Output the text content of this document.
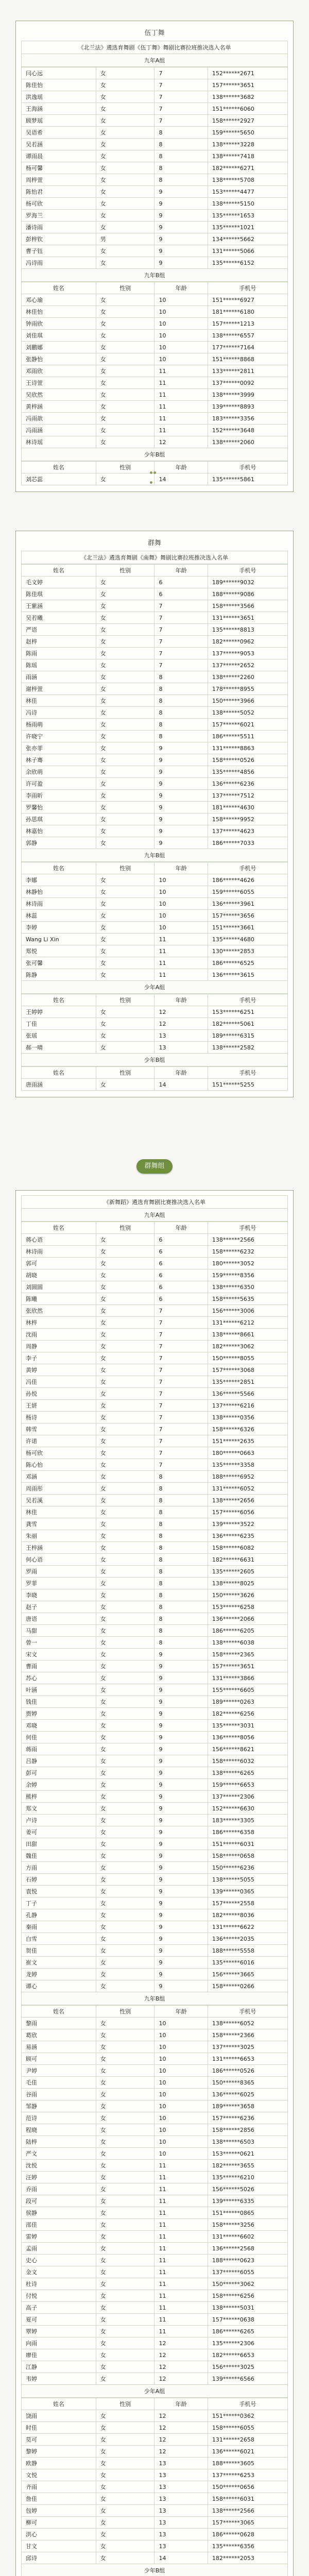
伍丁舞
《北兰法》遴选育舞剧《伍丁舞》舞剧比赛拉班推决选入名单
九年A组
闫心远	女	7	152******2671
陈佳怡	女	7	157******3651
洪逸瑶	女	7	138******3682
王海涵	女	7	151******6060
顾梦瑶	女	7	158******2927
吴语希	女	8	159******5650
吴若涵	女	8	138******3228
谭雨晨	女	8	138******7418
杨可馨	女	8	182******6271
周梓萱	女	8	138******5708
陈怡君	女	9	153******4477
杨可欣	女	9	138******5150
罗海兰	女	9	135******1653
潘诗雨	女	9	135******1021
彭梓钦	男	9	134******5662
曹子钰	女	9	131******5066
冯诗雨	女	9	135******6152
九年B组
姓名	性别	年龄	手机号
邓心瑜	女	10	151******6927
林佳怡	女	10	181******6180
钟雨欣	女	10	157******1213
刘佳琪	女	10	138******6557
刘鹏娜	女	10	177******7164
张静怡	女	10	151******8868
邓雨欣	女	11	133******2811
王诗萱	女	11	137******0092
吴欣然	女	11	138******3999
黄梓涵	女	11	139******8893
冯雨歆	女	11	183******3356
冯雨涵	女	11	152******3648
林诗瑶	女	12	138******2060
少年B组
姓名	性别	年龄	手机号
刘芯蕊	女	14	135******5861
群舞
《北兰法》遴选育舞剧《南舞》舞剧比赛拉班推决选入名单
姓名	性别	年龄	手机号
毛文婷	女	6	189******9032
陈佳琪	女	6	188******9086
王紫涵	女	7	158******3566
吴若曦	女	7	131******3651
严语	女	7	135******8813
赵梓	女	7	182******0962
陈雨	女	7	137******9053
陈瑶	女	7	137******2652
雨涵	女	8	138******2260
谢梓萱	女	8	178******8955
林佳	女	8	150******3966
冯诗	女	8	138******5052
杨雨萌	女	8	157******6021
许晓宁	女	8	186******5511
张亦菲	女	9	131******8863
林子骞	女	9	158******0526
余欣萌	女	9	135******4856
许可盈	女	9	136******6236
李雨昕	女	9	137******7512
罗馨怡	女	9	181******4630
孙思琪	女	9	158******9952
林嘉怡	女	9	137******4623
郭静	女	9	186******7033
九年B组
姓名	性别	年龄	手机号
李娜	女	10	186******4626
林静怡	女	10	159******6055
林诗雨	女	10	136******3961
林蕊	女	10	157******3656
李婷	女	10	151******3661
Wang Li Xin	女	11	135******4680
郑悦	女	11	130******2853
张可馨	女	11	186******6525
陈静	女	11	136******3615
少年A组
姓名	性别	年龄	手机号
王婷婷	女	12	153******6251
丁佳	女	12	182******5061
张瑶	女	13	189******6315
郝一晴	女	13	138******2582
少年B组
姓名	性别	年龄	手机号
唐雨涵	女	14	151******5255
群舞组
《新舞蹈》遴选育舞剧比赛推决选入名单
九年A组
姓名	性别	年龄	手机号
蒋心语	女	6	138******2566
林诗雨	女	6	158******6232
郭可	女	6	180******3052
胡晓	女	6	159******8356
刘圆圆	女	6	138******6350
陈曦	女	6	158******5635
张欣然	女	7	156******3006
林梓	女	7	131******6212
沈雨	女	7	138******8661
周静	女	7	182******3062
李子	女	7	150******8055
黄婷	女	7	157******3068
冯佳	女	7	135******2851
孙悦	女	7	136******5566
王妍	女	7	137******6216
杨诗	女	7	138******0356
韩雪	女	7	158******6326
许诺	女	7	151******2635
杨可欣	女	7	180******0663
陈心怡	女	7	135******3358
邓涵	女	8	188******6952
周雨彤	女	8	131******6052
吴若溪	女	8	138******2656
林佳	女	8	157******6056
龚雪	女	8	139******3522
朱丽	女	8	136******6235
王梓涵	女	8	158******6082
何心语	女	8	182******6631
罗雨	女	8	135******2605
罗菲	女	8	138******8025
李晓	女	8	150******3626
赵子	女	8	153******6258
唐语	女	8	136******2066
马甜	女	8	186******6205
曾一	女	8	138******6038
宋文	女	9	158******2365
曹雨	女	9	157******3651
苏心	女	9	131******3866
叶涵	女	9	155******6605
钱佳	女	9	189******0263
贾婷	女	9	182******6256
邓晓	女	9	135******3031
何佳	女	9	136******8056
蒋雨	女	9	156******8621
吕静	女	9	158******6032
彭可	女	9	138******6265
余婷	女	9	159******6653
熊梓	女	9	137******2306
郑文	女	9	152******6630
卢诗	女	9	183******3305
姜可	女	9	186******6358
田甜	女	9	151******6031
魏佳	女	9	158******0658
方雨	女	9	150******6236
石婷	女	9	138******5055
袁悦	女	9	139******0365
丁子	女	9	157******2558
孔静	女	9	182******8036
秦雨	女	9	131******6622
白雪	女	9	136******2035
贺佳	女	9	188******5558
崔文	女	9	135******6016
龙婷	女	9	156******3665
谭心	女	9	158******0266
九年B组
姓名	性别	年龄	手机号
黎雨	女	10	138******6052
葛欣	女	10	158******2366
易涵	女	10	137******3025
顾可	女	10	131******6653
尹婷	女	10	186******0526
毛佳	女	10	150******8365
谷雨	女	10	136******6025
邹静	女	10	189******3658
范诗	女	10	157******6236
程晓	女	10	158******2856
陆梓	女	10	138******6503
严文	女	10	153******0621
沈悦	女	11	182******3655
汪婷	女	11	135******6210
乔雨	女	11	156******5026
段可	女	11	139******6335
侯静	女	11	151******0865
邵佳	女	11	158******3256
雷婷	女	11	131******6602
孟雨	女	11	136******2568
史心	女	11	188******0623
金文	女	11	137******6055
杜诗	女	11	150******3062
付悦	女	11	158******6256
高子	女	11	138******5031
夏可	女	11	157******0638
覃婷	女	11	186******6265
向雨	女	12	135******2306
廖佳	女	12	182******6653
江静	女	12	156******3025
韦婷	女	12	139******6566
少年A组
姓名	性别	年龄	手机号
饶雨	女	12	151******0362
时佳	女	12	158******6055
莫可	女	12	131******2658
黎婷	女	12	136******6021
欧静	女	13	188******3605
文悦	女	13	137******6253
齐雨	女	13	150******0656
詹佳	女	13	158******6031
包婷	女	13	138******2566
柳可	女	13	157******3065
洪心	女	13	186******0628
甘文	女	13	135******6356
邱诗	女	14	182******2053
少年B组
